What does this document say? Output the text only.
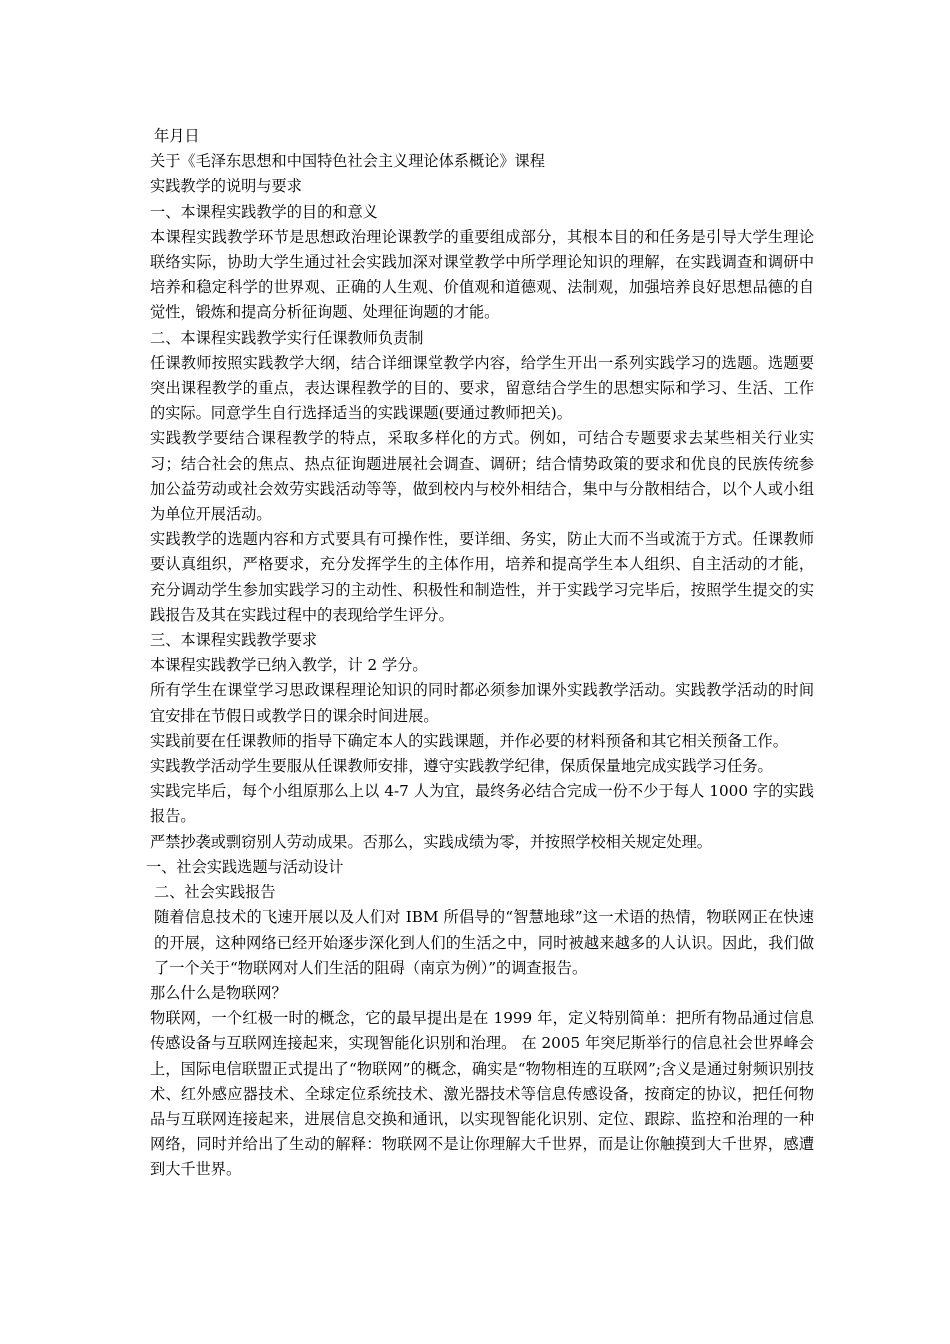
年月日

关于《毛泽东思想和中国特色社会主义理论体系概论》课程

实践教学的说明与要求

一、本课程实践教学的目的和意义

本课程实践教学环节是思想政治理论课教学的重要组成部分，其根本目的和任务是引导大学生理论联络实际，协助大学生通过社会实践加深对课堂教学中所学理论知识的理解，在实践调查和调研中培养和稳定科学的世界观、正确的人生观、价值观和道德观、法制观，加强培养良好思想品德的自觉性，锻炼和提高分析征询题、处理征询题的才能。

二、本课程实践教学实行任课教师负责制

任课教师按照实践教学大纲，结合详细课堂教学内容，给学生开出一系列实践学习的选题。选题要突出课程教学的重点，表达课程教学的目的、要求，留意结合学生的思想实际和学习、生活、工作的实际。同意学生自行选择适当的实践课题(要通过教师把关)。

实践教学要结合课程教学的特点，采取多样化的方式。例如，可结合专题要求去某些相关行业实习；结合社会的焦点、热点征询题进展社会调查、调研；结合情势政策的要求和优良的民族传统参加公益劳动或社会效劳实践活动等等，做到校内与校外相结合，集中与分散相结合，以个人或小组为单位开展活动。

实践教学的选题内容和方式要具有可操作性，要详细、务实，防止大而不当或流于方式。任课教师要认真组织，严格要求，充分发挥学生的主体作用，培养和提高学生本人组织、自主活动的才能，充分调动学生参加实践学习的主动性、积极性和制造性，并于实践学习完毕后，按照学生提交的实践报告及其在实践过程中的表现给学生评分。

三、本课程实践教学要求

本课程实践教学已纳入教学，计 2 学分。

所有学生在课堂学习思政课程理论知识的同时都必须参加课外实践教学活动。实践教学活动的时间宜安排在节假日或教学日的课余时间进展。

实践前要在任课教师的指导下确定本人的实践课题，并作必要的材料预备和其它相关预备工作。

实践教学活动学生要服从任课教师安排，遵守实践教学纪律，保质保量地完成实践学习任务。

实践完毕后，每个小组原那么上以 4-7 人为宜，最终务必结合完成一份不少于每人 1000 字的实践报告。

严禁抄袭或剽窃别人劳动成果。否那么，实践成绩为零，并按照学校相关规定处理。

一、社会实践选题与活动设计

二、社会实践报告

随着信息技术的飞速开展以及人们对 IBM 所倡导的“智慧地球”这一术语的热情，物联网正在快速的开展，这种网络已经开始逐步深化到人们的生活之中，同时被越来越多的人认识。因此，我们做了一个关于“物联网对人们生活的阻碍（南京为例）”的调查报告。

那么什么是物联网？

物联网，一个红极一时的概念，它的最早提出是在 1999 年，定义特别简单：把所有物品通过信息传感设备与互联网连接起来，实现智能化识别和治理。 在 2005 年突尼斯举行的信息社会世界峰会上，国际电信联盟正式提出了“物联网”的概念，确实是“物物相连的互联网”;含义是通过射频识别技术、红外感应器技术、全球定位系统技术、激光器技术等信息传感设备，按商定的协议，把任何物品与互联网连接起来，进展信息交换和通讯，以实现智能化识别、定位、跟踪、监控和治理的一种网络，同时并给出了生动的解释：物联网不是让你理解大千世界，而是让你触摸到大千世界，感遭到大千世界。
